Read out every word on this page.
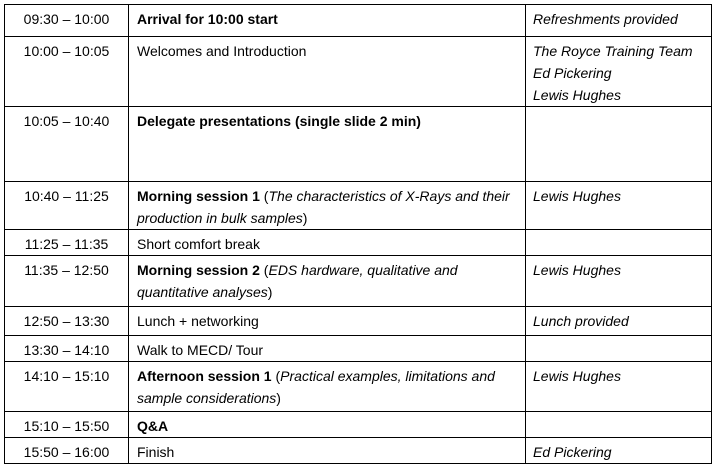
09:30 – 10:00	Arrival for 10:00 start	Refreshments provided

10:00 – 10:05	Welcomes and Introduction	The Royce Training Team
Ed Pickering
Lewis Hughes

10:05 – 10:40	Delegate presentations (single slide 2 min)	
10:40 – 11:25	Morning session 1 (The characteristics of X-Rays and their production in bulk samples)	Lewis Hughes

11:25 – 11:35	Short comfort break	
11:35 – 12:50	Morning session 2 (EDS hardware, qualitative and quantitative analyses)	Lewis Hughes

12:50 – 13:30	Lunch + networking	Lunch provided

13:30 – 14:10	Walk to MECD/ Tour	
14:10 – 15:10	Afternoon session 1 (Practical examples, limitations and sample considerations)	Lewis Hughes

15:10 – 15:50	Q&A	
15:50 – 16:00	Finish	Ed Pickering
